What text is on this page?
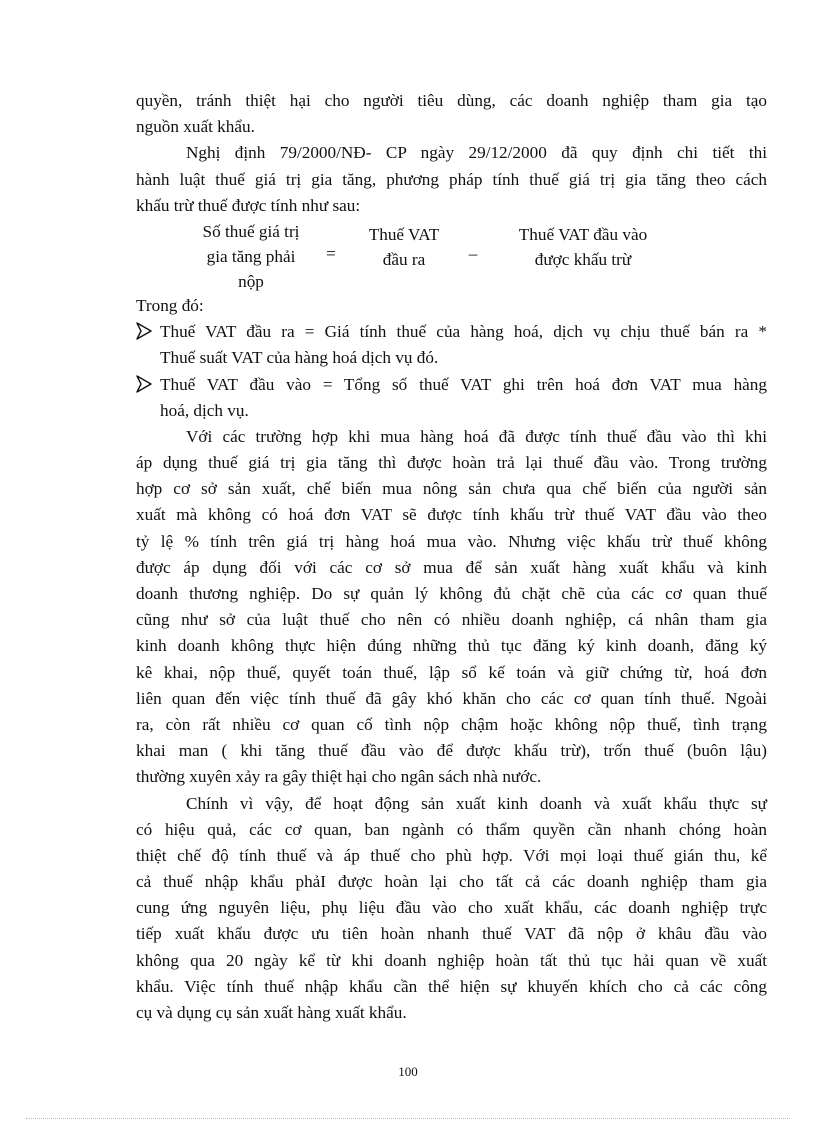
quyền, tránh thiệt hại cho người tiêu dùng, các doanh nghiệp tham gia tạo
nguồn xuất khẩu.
Nghị định 79/2000/NĐ- CP ngày 29/12/2000 đã quy định chi tiết thi
hành luật thuế giá trị gia tăng, phương pháp tính thuế giá trị gia tăng theo cách
khấu trừ thuế được tính như sau:
Số thuế giá trị
gia tăng phải
nộp
=
Thuế VAT
đầu ra	–
Thuế VAT đầu vào
được khấu trừ
Trong đó:
Thuế VAT đầu ra = Giá tính thuế của hàng hoá, dịch vụ chịu thuế bán ra *
Thuế suất VAT của hàng hoá dịch vụ đó.
Thuế VAT đầu vào = Tổng số thuế VAT ghi trên hoá đơn VAT mua hàng
hoá, dịch vụ.
Với các trường hợp khi mua hàng hoá đã được tính thuế đầu vào thì khi
áp dụng thuế giá trị gia tăng thì được hoàn trả lại thuế đầu vào. Trong trường
hợp cơ sở sản xuất, chế biến mua nông sản chưa qua chế biến của người sản
xuất mà không có hoá đơn VAT sẽ được tính khấu trừ thuế VAT đầu vào theo
tỷ lệ % tính trên giá trị hàng hoá mua vào. Nhưng việc khấu trừ thuế không
được áp dụng đối với các cơ sở mua để sản xuất hàng xuất khẩu và kinh
doanh thương nghiệp. Do sự quản lý không đủ chặt chẽ của các cơ quan thuế
cũng như sở của luật thuế cho nên có nhiều doanh nghiệp, cá nhân tham gia
kinh doanh không thực hiện đúng những thủ tục đăng ký kinh doanh, đăng ký
kê khai, nộp thuế, quyết toán thuế, lập sổ kế toán và giữ chứng từ, hoá đơn
liên quan đến việc tính thuế đã gây khó khăn cho các cơ quan tính thuế. Ngoài
ra, còn rất nhiều cơ quan cố tình nộp chậm hoặc không nộp thuế, tình trạng
khai man ( khi tăng thuế đầu vào để được khấu trừ), trốn thuế (buôn lậu)
thường xuyên xảy ra gây thiệt hại cho ngân sách nhà nước.
Chính vì vậy, để hoạt động sản xuất kinh doanh và xuất khẩu thực sự
có hiệu quả, các cơ quan, ban ngành có thẩm quyền cần nhanh chóng hoàn
thiệt chế độ tính thuế và áp thuế cho phù hợp. Với mọi loại thuế gián thu, kể
cả thuế nhập khẩu phảI được hoàn lại cho tất cả các doanh nghiệp tham gia
cung ứng nguyên liệu, phụ liệu đầu vào cho xuất khẩu, các doanh nghiệp trực
tiếp xuất khẩu được ưu tiên hoàn nhanh thuế VAT đã nộp ở khâu đầu vào
không qua 20 ngày kể từ khi doanh nghiệp hoàn tất thủ tục hải quan về xuất
khẩu. Việc tính thuế nhập khẩu cần thể hiện sự khuyến khích cho cả các công
cụ và dụng cụ sản xuất hàng xuất khẩu.
100
